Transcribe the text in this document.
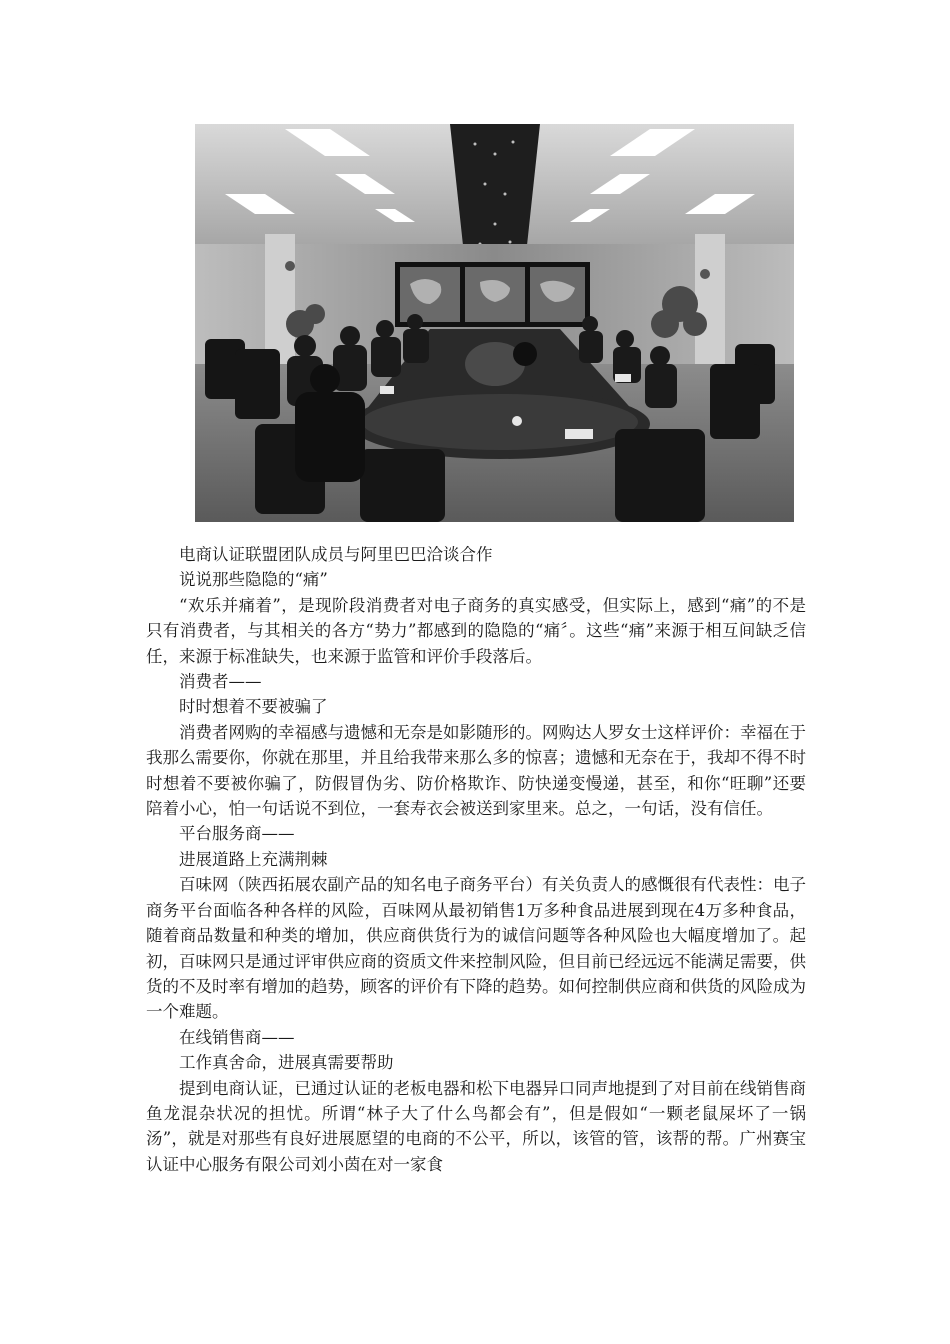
电商认证联盟团队成员与阿里巴巴洽谈合作

说说那些隐隐的“痛”

“欢乐并痛着”，是现阶段消费者对电子商务的真实感受，但实际上，感到“痛”的不是只有消费者，与其相关的各方“势力”都感到的隐隐的“痛〞。这些“痛”来源于相互间缺乏信任，来源于标准缺失，也来源于监管和评价手段落后。

消费者——

时时想着不要被骗了

消费者网购的幸福感与遗憾和无奈是如影随形的。网购达人罗女士这样评价：幸福在于我那么需要你，你就在那里，并且给我带来那么多的惊喜；遗憾和无奈在于，我却不得不时时想着不要被你骗了，防假冒伪劣、防价格欺诈、防快递变慢递，甚至，和你“旺聊”还要陪着小心，怕一句话说不到位，一套寿衣会被送到家里来。总之，一句话，没有信任。

平台服务商——

进展道路上充满荆棘

百味网（陕西拓展农副产品的知名电子商务平台）有关负责人的感慨很有代表性：电子商务平台面临各种各样的风险，百味网从最初销售1万多种食品进展到现在4万多种食品，随着商品数量和种类的增加，供应商供货行为的诚信问题等各种风险也大幅度增加了。起初，百味网只是通过评审供应商的资质文件来控制风险，但目前已经远远不能满足需要，供货的不及时率有增加的趋势，顾客的评价有下降的趋势。如何控制供应商和供货的风险成为一个难题。

在线销售商——

工作真舍命，进展真需要帮助

提到电商认证，已通过认证的老板电器和松下电器异口同声地提到了对目前在线销售商鱼龙混杂状况的担忧。所谓“林子大了什么鸟都会有”，但是假如“一颗老鼠屎坏了一锅汤”，就是对那些有良好进展愿望的电商的不公平，所以，该管的管，该帮的帮。广州赛宝认证中心服务有限公司刘小茵在对一家食
